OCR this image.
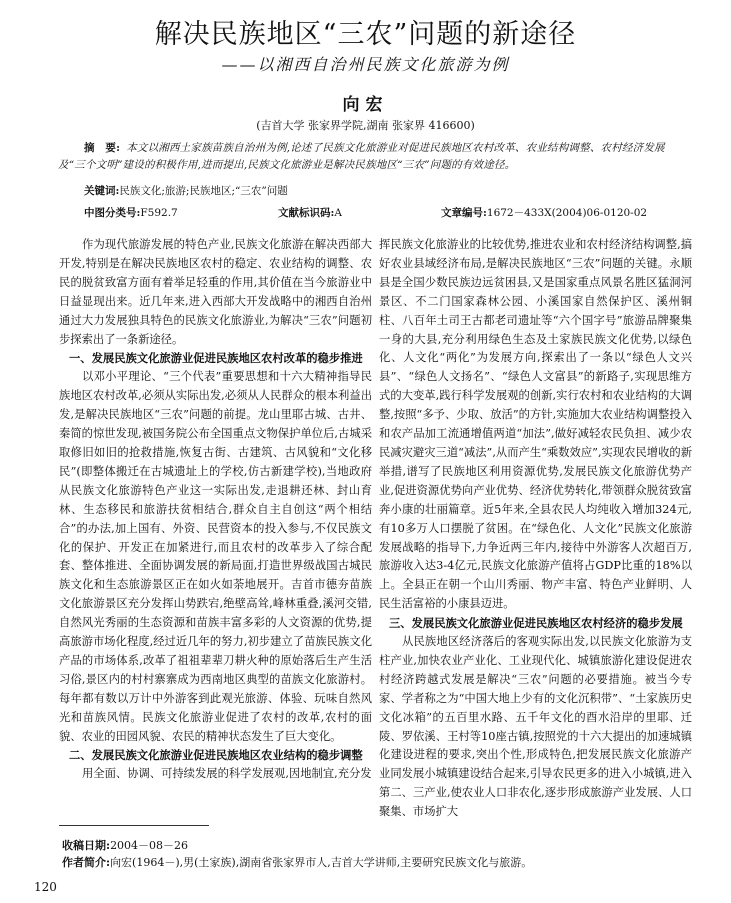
解决民族地区“三农”问题的新途径
——以湘西自治州民族文化旅游为例
向宏
(吉首大学 张家界学院,湖南 张家界 416600)
摘　要: 本文以湘西土家族苗族自治州为例,论述了民族文化旅游业对促进民族地区农村改革、农业结构调整、农村经济发展及“三个文明”建设的积极作用,进而提出,民族文化旅游业是解决民族地区“三农”问题的有效途径。
关键词:民族文化;旅游;民族地区;“三农”问题
中图分类号:F592.7	文献标识码:A	文章编号:1672－433X(2004)06-0120-02

作为现代旅游发展的特色产业,民族文化旅游在解决西部大开发,特别是在解决民族地区农村的稳定、农业结构的调整、农民的脱贫致富方面有着举足轻重的作用,其价值在当今旅游业中日益显现出来。近几年来,进入西部大开发战略中的湘西自治州通过大力发展独具特色的民族文化旅游业,为解决“三农”问题初步探索出了一条新途径。

一、发展民族文化旅游业促进民族地区农村改革的稳步推进

以邓小平理论、“三个代表”重要思想和十六大精神指导民族地区农村改革,必须从实际出发,必须从人民群众的根本利益出发,是解决民族地区“三农”问题的前提。龙山里耶古城、古井、秦简的惊世发现,被国务院公布全国重点文物保护单位后,古城采取修旧如旧的抢救措施,恢复古街、古建筑、古风貌和“文化移民”(即整体搬迁在古城遗址上的学校,仿古新建学校),当地政府从民族文化旅游特色产业这一实际出发,走退耕还林、封山育林、生态移民和旅游扶贫相结合,群众自主自创这“两个相结合”的办法,加上国有、外资、民营资本的投入参与,不仅民族文化的保护、开发正在加紧进行,而且农村的改革步入了综合配套、整体推进、全面协调发展的新局面,打造世界级战国古城民族文化和生态旅游景区正在如火如荼地展开。吉首市德夯苗族文化旅游景区充分发挥山势跌宕,绝壁高耸,峰林重叠,溪河交错,自然风光秀丽的生态资源和苗族丰富多彩的人文资源的优势,提高旅游市场化程度,经过近几年的努力,初步建立了苗族民族文化产品的市场体系,改革了祖祖辈辈刀耕火种的原始落后生产生活习俗,景区内的村村寨寨成为西南地区典型的苗族文化旅游村。每年都有数以万计中外游客到此观光旅游、体验、玩味自然风光和苗族风情。民族文化旅游业促进了农村的改革,农村的面貌、农业的田园风貌、农民的精神状态发生了巨大变化。

二、发展民族文化旅游业促进民族地区农业结构的稳步调整

用全面、协调、可持续发展的科学发展观,因地制宜,充分发

挥民族文化旅游业的比较优势,推进农业和农村经济结构调整,搞好农业县域经济布局,是解决民族地区“三农”问题的关键。永顺县是全国少数民族边远贫困县,又是国家重点风景名胜区猛洞河景区、不二门国家森林公园、小溪国家自然保护区、溪州铜柱、八百年土司王古都老司遗址等“六个国字号”旅游品牌聚集一身的大县,充分利用绿色生态及土家族民族文化优势,以绿色化、人文化“两化”为发展方向,探索出了一条以“绿色人文兴县”、“绿色人文扬名”、“绿色人文富县”的新路子,实现思维方式的大变革,践行科学发展观的创新,实行农村和农业结构的大调整,按照“多予、少取、放活”的方针,实施加大农业结构调整投入和农产品加工流通增值两道“加法”,做好减轻农民负担、减少农民减灾避灾三道“减法”,从而产生“乘数效应”,实现农民增收的新举措,谱写了民族地区利用资源优势,发展民族文化旅游优势产业,促进资源优势向产业优势、经济优势转化,带领群众脱贫致富奔小康的壮丽篇章。近5年来,全县农民人均纯收入增加324元,有10多万人口摆脱了贫困。在“绿色化、人文化”民族文化旅游发展战略的指导下,力争近两三年内,接待中外游客人次超百万,旅游收入达3-4亿元,民族文化旅游产值将占GDP比重的18%以上。全县正在朝一个山川秀丽、物产丰富、特色产业鲜明、人民生活富裕的小康县迈进。

三、发展民族文化旅游业促进民族地区农村经济的稳步发展

从民族地区经济落后的客观实际出发,以民族文化旅游为支柱产业,加快农业产业化、工业现代化、城镇旅游化建设促进农村经济跨越式发展是解决“三农”问题的必要措施。被当今专家、学者称之为“中国大地上少有的文化沉积带”、“土家族历史文化冰箱”的五百里水路、五千年文化的酉水沿岸的里耶、迁陵、罗依溪、王村等10座古镇,按照党的十六大提出的加速城镇化建设进程的要求,突出个性,形成特色,把发展民族文化旅游产业同发展小城镇建设结合起来,引导农民更多的进入小城镇,进入第二、三产业,使农业人口非农化,逐步形成旅游产业发展、人口聚集、市场扩大

收稿日期:2004－08－26
作者简介:向宏(1964－),男(土家族),湖南省张家界市人,吉首大学讲师,主要研究民族文化与旅游。
120
